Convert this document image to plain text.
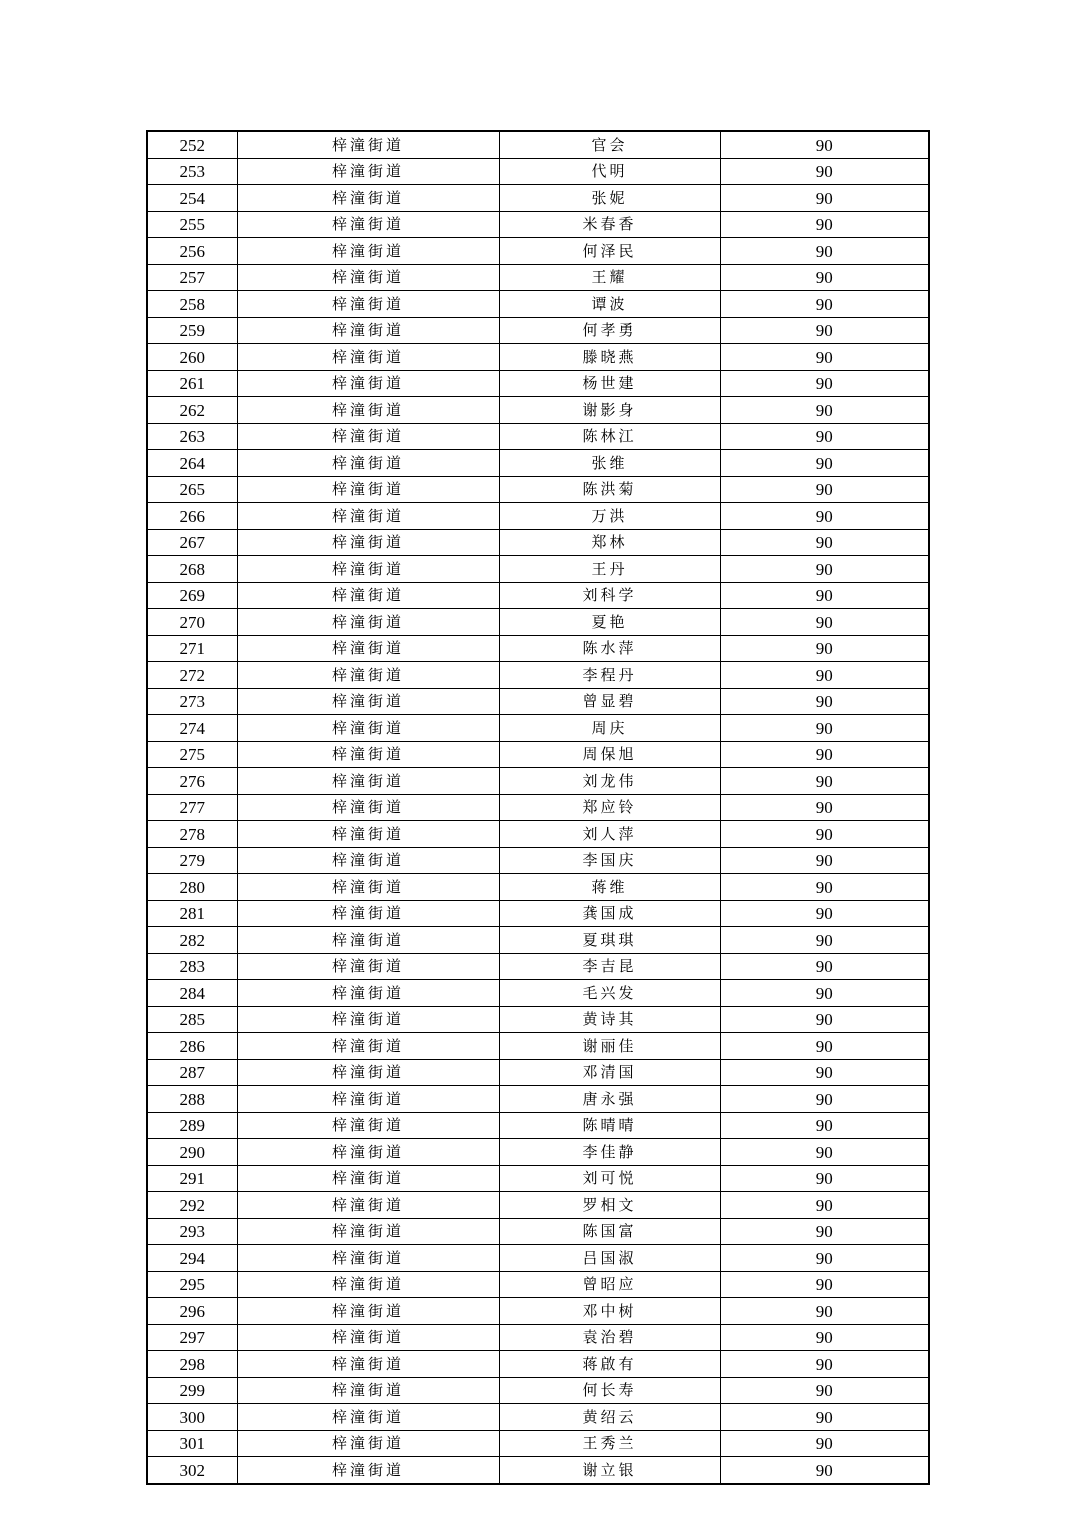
252	梓潼街道	官会	90
253	梓潼街道	代明	90
254	梓潼街道	张妮	90
255	梓潼街道	米春香	90
256	梓潼街道	何泽民	90
257	梓潼街道	王耀	90
258	梓潼街道	谭波	90
259	梓潼街道	何孝勇	90
260	梓潼街道	滕晓燕	90
261	梓潼街道	杨世建	90
262	梓潼街道	谢影身	90
263	梓潼街道	陈林江	90
264	梓潼街道	张维	90
265	梓潼街道	陈洪菊	90
266	梓潼街道	万洪	90
267	梓潼街道	郑林	90
268	梓潼街道	王丹	90
269	梓潼街道	刘科学	90
270	梓潼街道	夏艳	90
271	梓潼街道	陈水萍	90
272	梓潼街道	李程丹	90
273	梓潼街道	曾显碧	90
274	梓潼街道	周庆	90
275	梓潼街道	周保旭	90
276	梓潼街道	刘龙伟	90
277	梓潼街道	郑应铃	90
278	梓潼街道	刘人萍	90
279	梓潼街道	李国庆	90
280	梓潼街道	蒋维	90
281	梓潼街道	龚国成	90
282	梓潼街道	夏琪琪	90
283	梓潼街道	李吉昆	90
284	梓潼街道	毛兴发	90
285	梓潼街道	黄诗其	90
286	梓潼街道	谢丽佳	90
287	梓潼街道	邓清国	90
288	梓潼街道	唐永强	90
289	梓潼街道	陈晴晴	90
290	梓潼街道	李佳静	90
291	梓潼街道	刘可悦	90
292	梓潼街道	罗相文	90
293	梓潼街道	陈国富	90
294	梓潼街道	吕国淑	90
295	梓潼街道	曾昭应	90
296	梓潼街道	邓中树	90
297	梓潼街道	袁治碧	90
298	梓潼街道	蒋啟有	90
299	梓潼街道	何长寿	90
300	梓潼街道	黄绍云	90
301	梓潼街道	王秀兰	90
302	梓潼街道	谢立银	90
